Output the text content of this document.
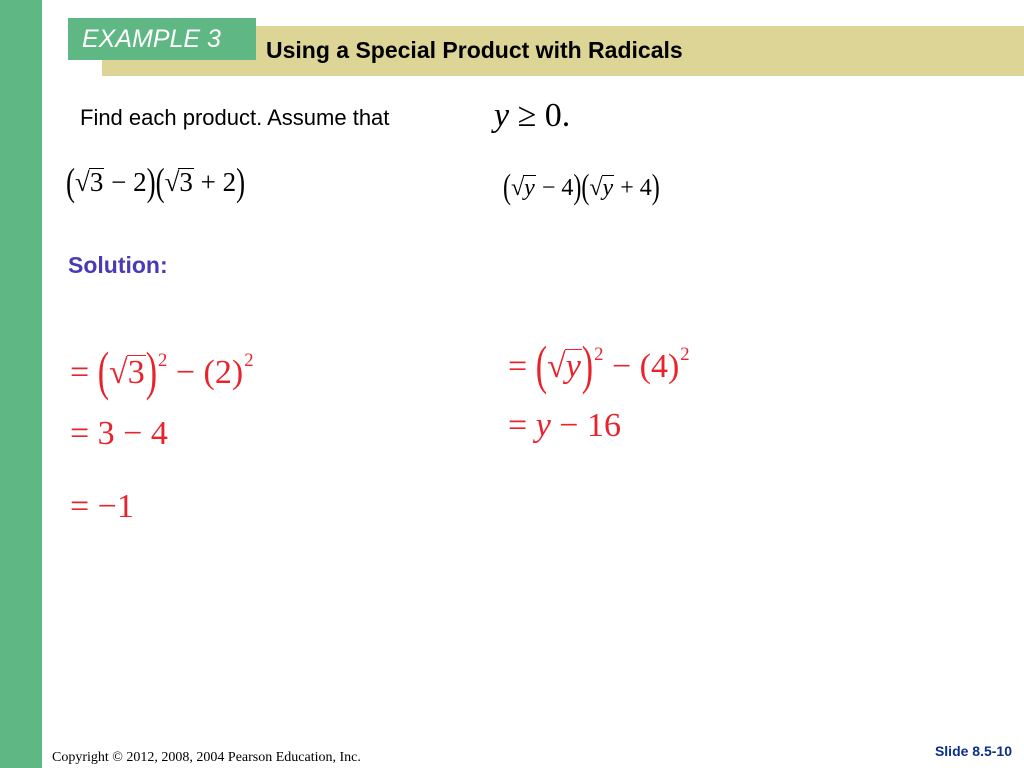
EXAMPLE 3	Using a Special Product with Radicals
Find each product. Assume that	y ≥ 0.
(√3 − 2)(√3 + 2)	(√y − 4)(√y + 4)
Solution:
= $(√3)^2 - (2)^2$
= 3 − 4
= −1
= $(√y)^2 - (4)^2$
= y − 16
Copyright © 2012, 2008, 2004 Pearson Education, Inc.	Slide 8.5-10
